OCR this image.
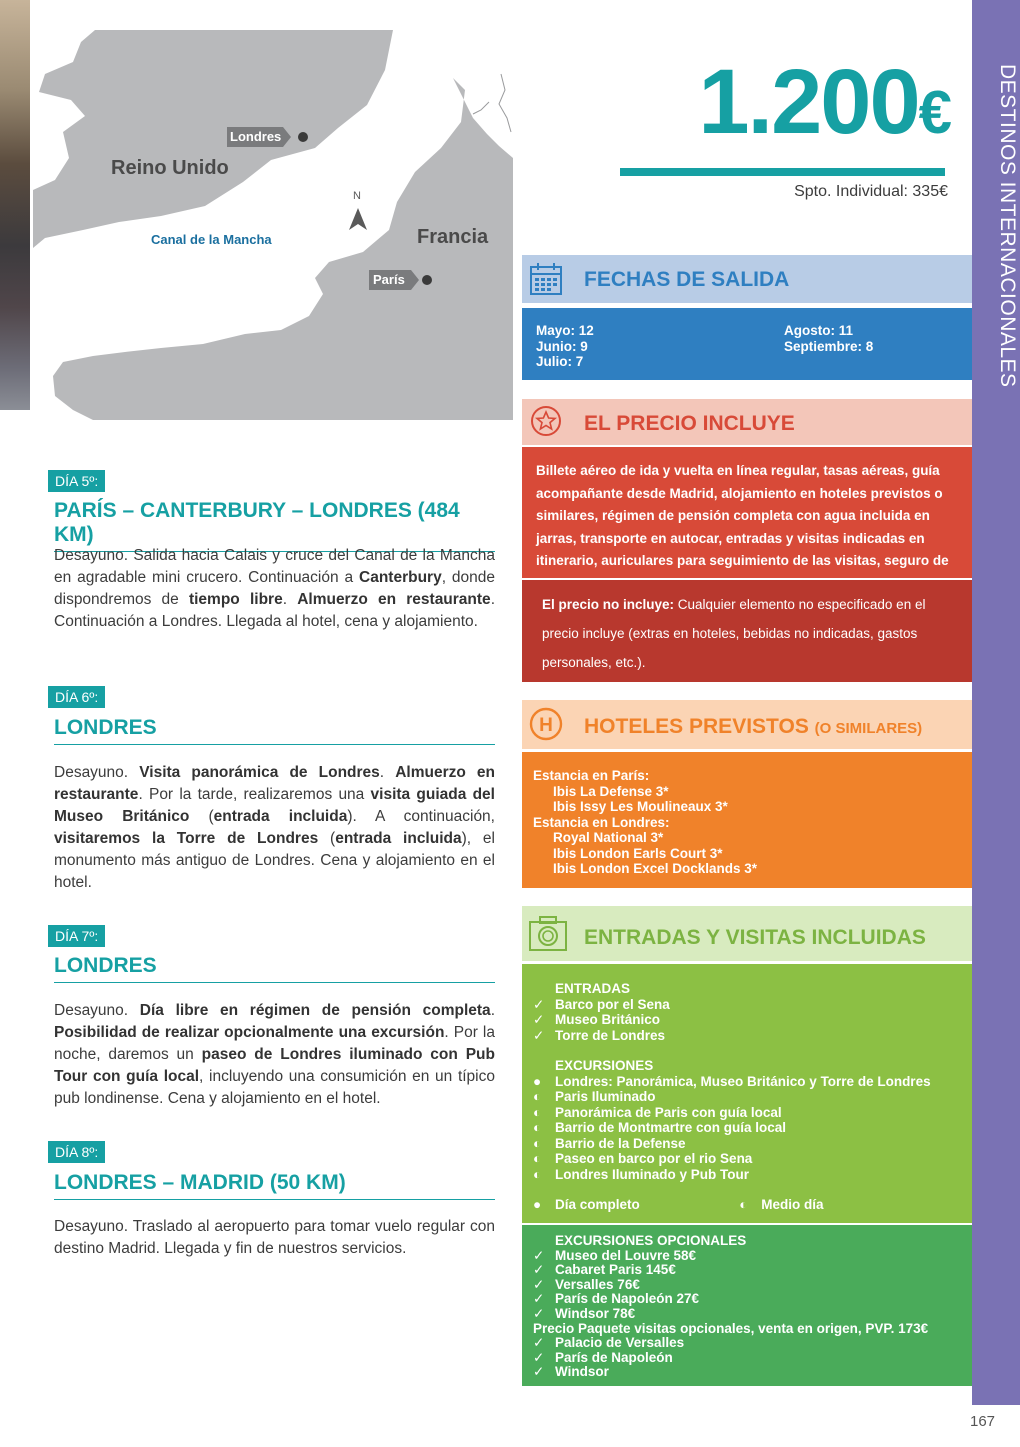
DESTINOS INTERNACIONALES
167
Londres
Reino Unido
Canal de la Mancha
N
Francia
París
1.200€
Spto. Individual: 335€
FECHAS DE SALIDA
Mayo: 12
Junio: 9
Julio: 7
Agosto: 11
Septiembre: 8
EL PRECIO INCLUYE
Billete aéreo de ida y vuelta en línea regular, tasas aéreas, guía acompañante desde Madrid, alojamiento en hoteles previstos o similares, régimen de pensión completa con agua incluida en jarras, transporte en autocar, entradas y visitas indicadas en itinerario, auriculares para seguimiento de las visitas, seguro de
El precio no incluye: Cualquier elemento no especificado en el precio incluye (extras en hoteles, bebidas no indicadas, gastos personales, etc.).
H HOTELES PREVISTOS (O SIMILARES)
Estancia en París:
Ibis La Defense 3*
Ibis Issy Les Moulineaux 3*
Estancia en Londres:
Royal National 3*
Ibis London Earls Court 3*
Ibis London Excel Docklands 3*
ENTRADAS Y VISITAS INCLUIDAS
ENTRADAS
✓ Barco por el Sena
✓ Museo Británico
✓ Torre de Londres
EXCURSIONES
● Londres: Panorámica, Museo Británico y Torre de Londres
◐ Paris Iluminado
◐ Panorámica de Paris con guía local
◐ Barrio de Montmartre con guía local
◐ Barrio de la Defense
◐ Paseo en barco por el rio Sena
◐ Londres Iluminado y Pub Tour
● Día completo	◐ Medio día
EXCURSIONES OPCIONALES
✓ Museo del Louvre 58€
✓ Cabaret Paris 145€
✓ Versalles 76€
✓ París de Napoleón 27€
✓ Windsor 78€
Precio Paquete visitas opcionales, venta en origen, PVP. 173€
✓ Palacio de Versalles
✓ París de Napoleón
✓ Windsor
DÍA 5º:
PARÍS – CANTERBURY – LONDRES (484 KM)
Desayuno. Salida hacia Calais y cruce del Canal de la Mancha en agradable mini crucero. Continuación a Canterbury, donde dispondremos de tiempo libre. Almuerzo en restaurante. Continuación a Londres. Llegada al hotel, cena y alojamiento.
DÍA 6º:
LONDRES
Desayuno. Visita panorámica de Londres. Almuerzo en restaurante. Por la tarde, realizaremos una visita guiada del Museo Británico (entrada incluida). A continuación, visitaremos la Torre de Londres (entrada incluida), el monumento más antiguo de Londres. Cena y alojamiento en el hotel.
DÍA 7º:
LONDRES
Desayuno. Día libre en régimen de pensión completa. Posibilidad de realizar opcionalmente una excursión. Por la noche, daremos un paseo de Londres iluminado con Pub Tour con guía local, incluyendo una consumición en un típico pub londinense. Cena y alojamiento en el hotel.
DÍA 8º:
LONDRES – MADRID (50 KM)
Desayuno. Traslado al aeropuerto para tomar vuelo regular con destino Madrid. Llegada y fin de nuestros servicios.
